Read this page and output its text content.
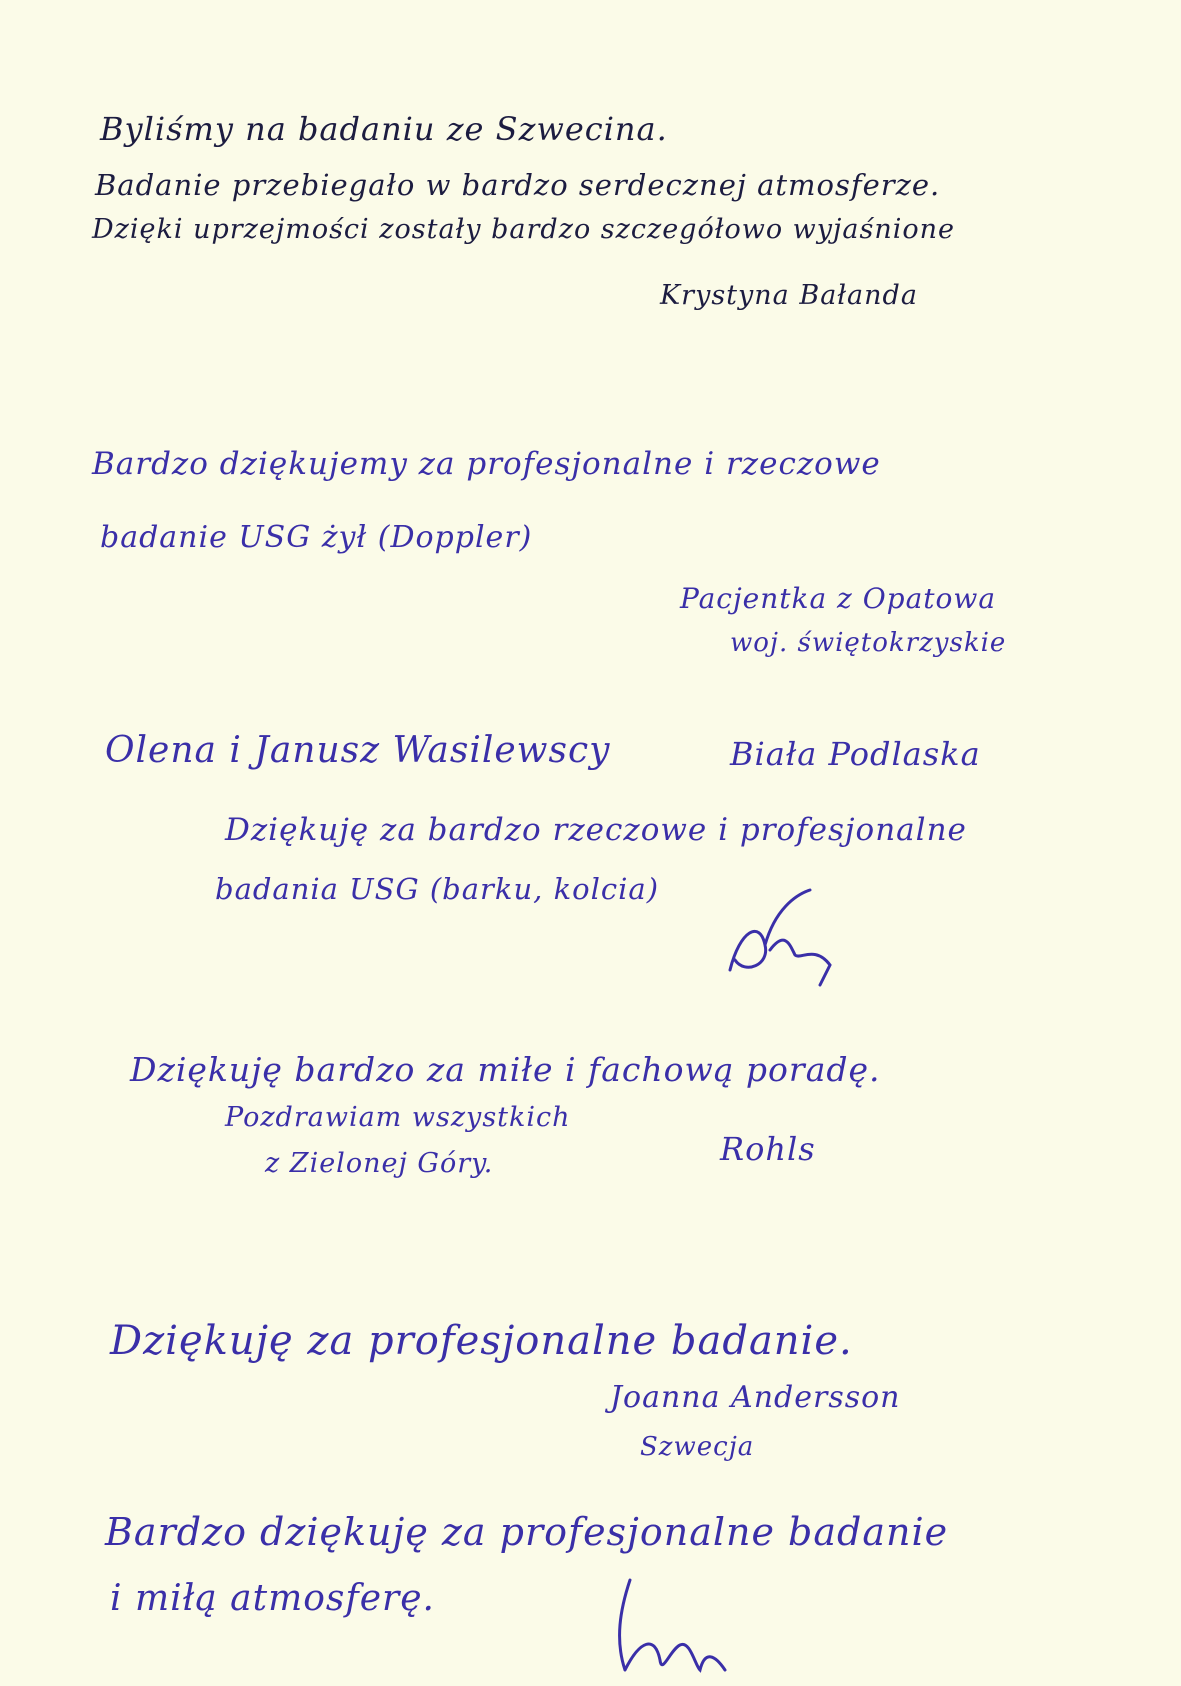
Byliśmy na badaniu ze Szwecina.
Badanie przebiegało w bardzo serdecznej atmosferze.
Dzięki uprzejmości zostały bardzo szczegółowo wyjaśnione
Krystyna Bałanda
Bardzo dziękujemy za profesjonalne i rzeczowe
badanie USG żył (Doppler)
Pacjentka z Opatowa
woj. świętokrzyskie
Olena i Janusz Wasilewscy	Biała Podlaska
Dziękuję za bardzo rzeczowe i profesjonalne
badania USG (barku, kolcia)
Dziękuję bardzo za miłe i fachową poradę.
Pozdrawiam wszystkich
z Zielonej Góry.	Rohls
Dziękuję za profesjonalne badanie.
Joanna Andersson
Szwecja
Bardzo dziękuję za profesjonalne badanie
i miłą atmosferę.
